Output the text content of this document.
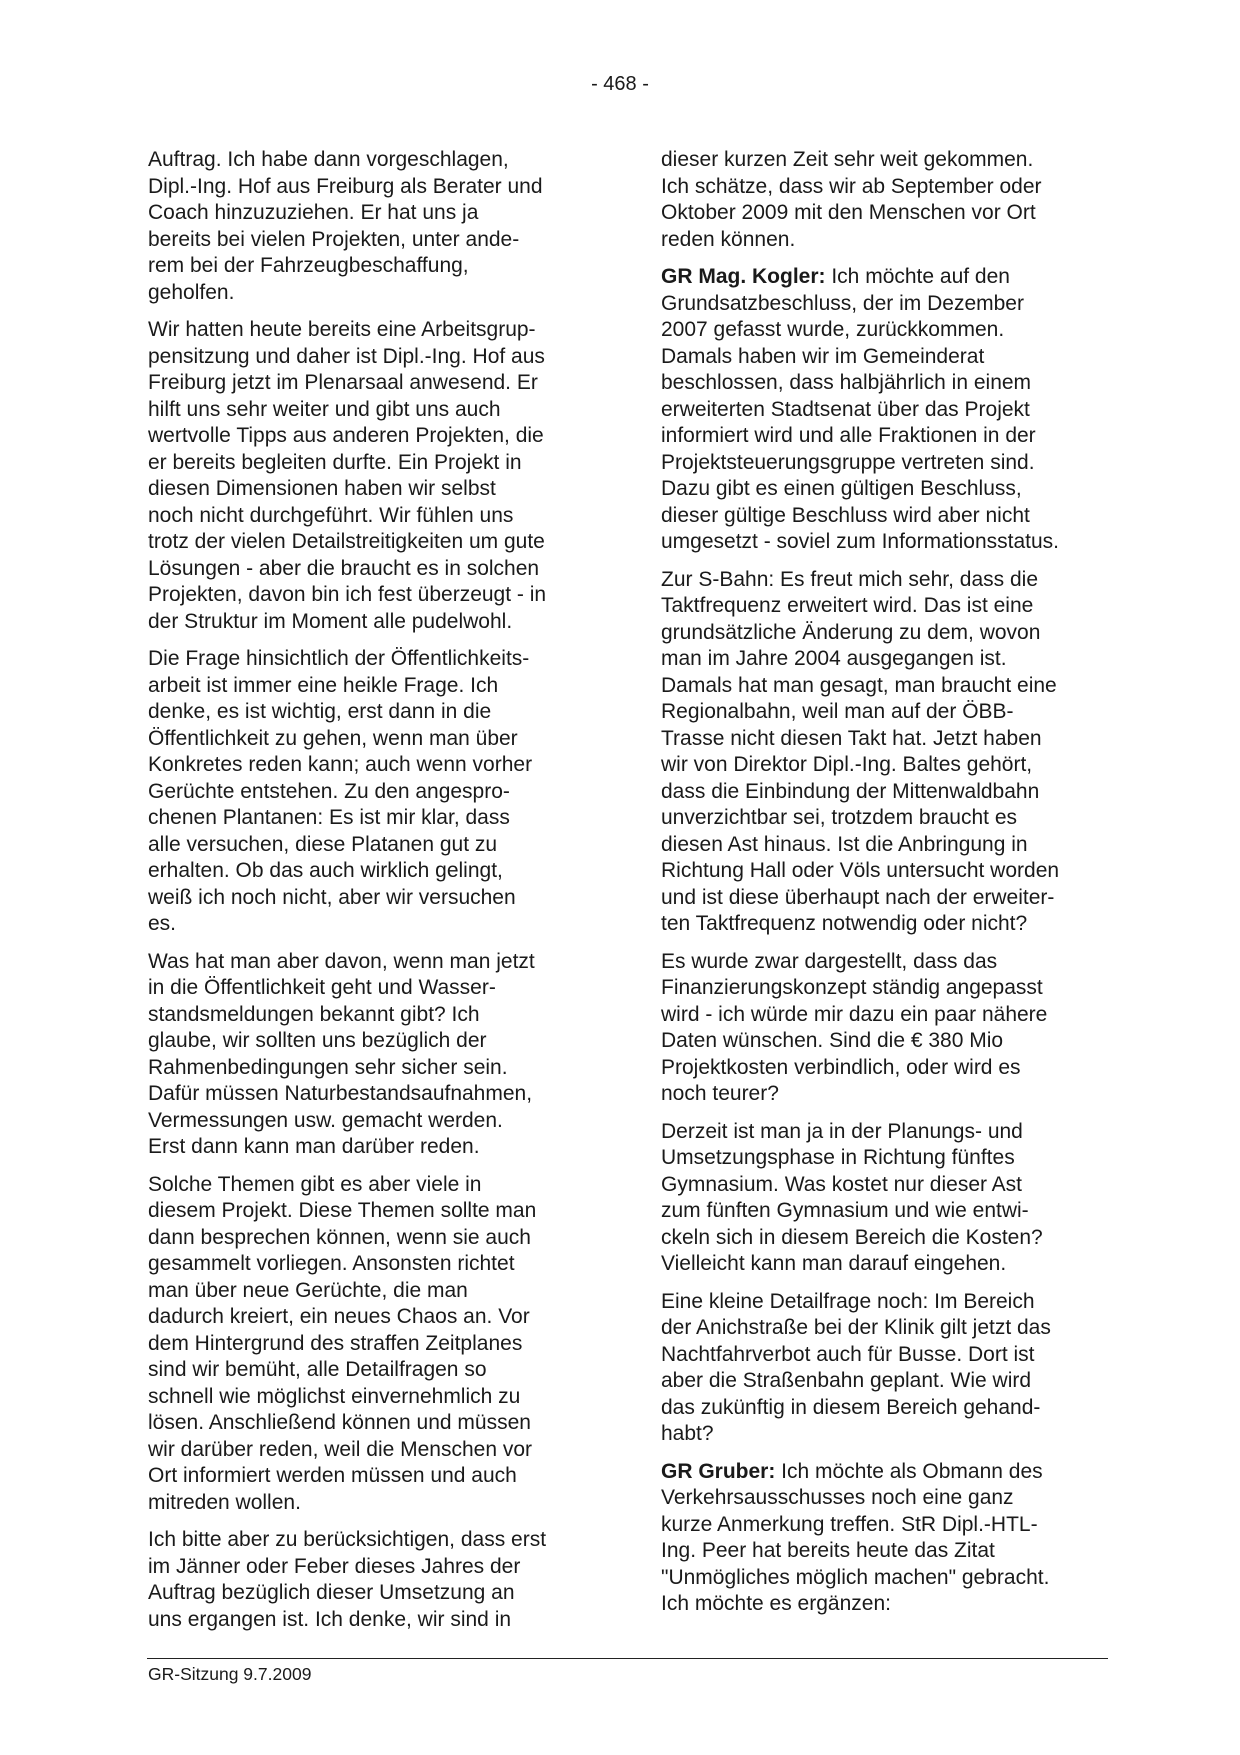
- 468 -

Auftrag. Ich habe dann vorgeschlagen,
Dipl.-Ing. Hof aus Freiburg als Berater und
Coach hinzuzuziehen. Er hat uns ja
bereits bei vielen Projekten, unter ande-
rem bei der Fahrzeugbeschaffung,
geholfen.

Wir hatten heute bereits eine Arbeitsgrup-
pensitzung und daher ist Dipl.-Ing. Hof aus
Freiburg jetzt im Plenarsaal anwesend. Er
hilft uns sehr weiter und gibt uns auch
wertvolle Tipps aus anderen Projekten, die
er bereits begleiten durfte. Ein Projekt in
diesen Dimensionen haben wir selbst
noch nicht durchgeführt. Wir fühlen uns
trotz der vielen Detailstreitigkeiten um gute
Lösungen - aber die braucht es in solchen
Projekten, davon bin ich fest überzeugt - in
der Struktur im Moment alle pudelwohl.

Die Frage hinsichtlich der Öffentlichkeits-
arbeit ist immer eine heikle Frage. Ich
denke, es ist wichtig, erst dann in die
Öffentlichkeit zu gehen, wenn man über
Konkretes reden kann; auch wenn vorher
Gerüchte entstehen. Zu den angespro-
chenen Plantanen: Es ist mir klar, dass
alle versuchen, diese Platanen gut zu
erhalten. Ob das auch wirklich gelingt,
weiß ich noch nicht, aber wir versuchen
es.

Was hat man aber davon, wenn man jetzt
in die Öffentlichkeit geht und Wasser-
standsmeldungen bekannt gibt? Ich
glaube, wir sollten uns bezüglich der
Rahmenbedingungen sehr sicher sein.
Dafür müssen Naturbestandsaufnahmen,
Vermessungen usw. gemacht werden.
Erst dann kann man darüber reden.

Solche Themen gibt es aber viele in
diesem Projekt. Diese Themen sollte man
dann besprechen können, wenn sie auch
gesammelt vorliegen. Ansonsten richtet
man über neue Gerüchte, die man
dadurch kreiert, ein neues Chaos an. Vor
dem Hintergrund des straffen Zeitplanes
sind wir bemüht, alle Detailfragen so
schnell wie möglichst einvernehmlich zu
lösen. Anschließend können und müssen
wir darüber reden, weil die Menschen vor
Ort informiert werden müssen und auch
mitreden wollen.

Ich bitte aber zu berücksichtigen, dass erst
im Jänner oder Feber dieses Jahres der
Auftrag bezüglich dieser Umsetzung an
uns ergangen ist. Ich denke, wir sind in

dieser kurzen Zeit sehr weit gekommen.
Ich schätze, dass wir ab September oder
Oktober 2009 mit den Menschen vor Ort
reden können.

GR Mag. Kogler: Ich möchte auf den
Grundsatzbeschluss, der im Dezember
2007 gefasst wurde, zurückkommen.
Damals haben wir im Gemeinderat
beschlossen, dass halbjährlich in einem
erweiterten Stadtsenat über das Projekt
informiert wird und alle Fraktionen in der
Projektsteuerungsgruppe vertreten sind.
Dazu gibt es einen gültigen Beschluss,
dieser gültige Beschluss wird aber nicht
umgesetzt - soviel zum Informationsstatus.

Zur S-Bahn: Es freut mich sehr, dass die
Taktfrequenz erweitert wird. Das ist eine
grundsätzliche Änderung zu dem, wovon
man im Jahre 2004 ausgegangen ist.
Damals hat man gesagt, man braucht eine
Regionalbahn, weil man auf der ÖBB-
Trasse nicht diesen Takt hat. Jetzt haben
wir von Direktor Dipl.-Ing. Baltes gehört,
dass die Einbindung der Mittenwaldbahn
unverzichtbar sei, trotzdem braucht es
diesen Ast hinaus. Ist die Anbringung in
Richtung Hall oder Völs untersucht worden
und ist diese überhaupt nach der erweiter-
ten Taktfrequenz notwendig oder nicht?

Es wurde zwar dargestellt, dass das
Finanzierungskonzept ständig angepasst
wird - ich würde mir dazu ein paar nähere
Daten wünschen. Sind die € 380 Mio
Projektkosten verbindlich, oder wird es
noch teurer?

Derzeit ist man ja in der Planungs- und
Umsetzungsphase in Richtung fünftes
Gymnasium. Was kostet nur dieser Ast
zum fünften Gymnasium und wie entwi-
ckeln sich in diesem Bereich die Kosten?
Vielleicht kann man darauf eingehen.

Eine kleine Detailfrage noch: Im Bereich
der Anichstraße bei der Klinik gilt jetzt das
Nachtfahrverbot auch für Busse. Dort ist
aber die Straßenbahn geplant. Wie wird
das zukünftig in diesem Bereich gehand-
habt?

GR Gruber: Ich möchte als Obmann des
Verkehrsausschusses noch eine ganz
kurze Anmerkung treffen. StR Dipl.-HTL-
Ing. Peer hat bereits heute das Zitat
"Unmögliches möglich machen" gebracht.
Ich möchte es ergänzen:

GR-Sitzung 9.7.2009
